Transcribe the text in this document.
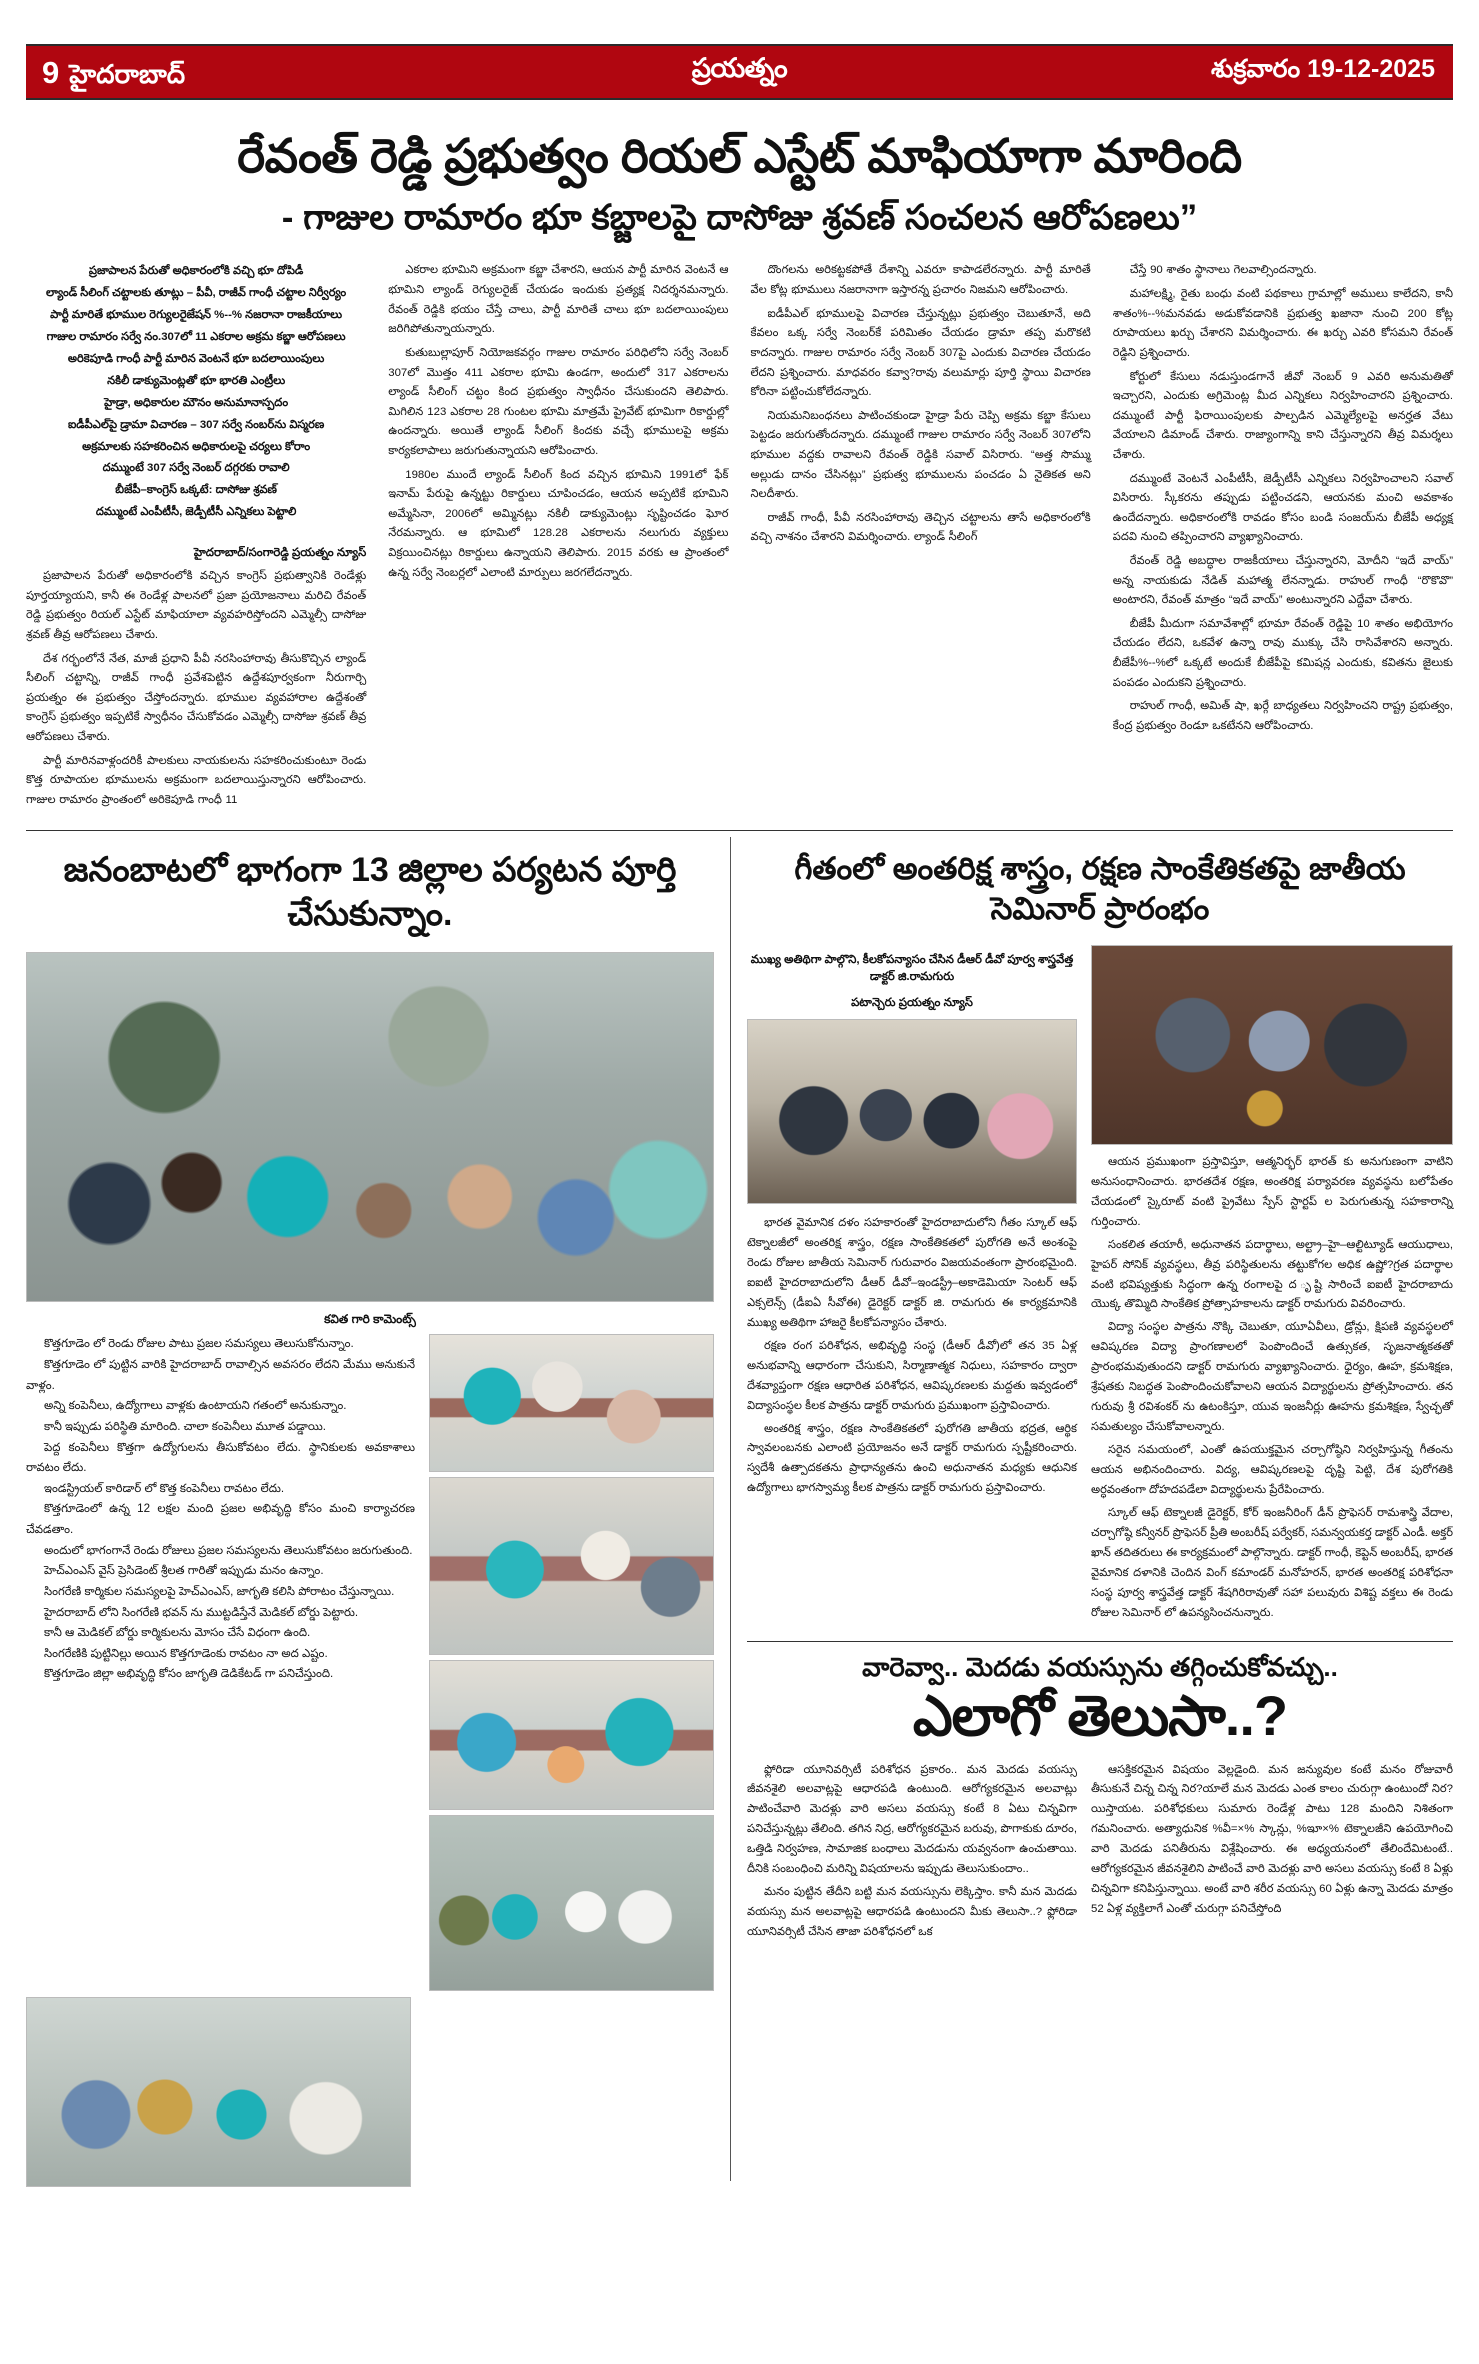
9 హైదరాబాద్	ప్రయత్నం	శుక్రవారం 19-12-2025
రేవంత్ రెడ్డి ప్రభుత్వం రియల్ ఎస్టేట్ మాఫియాగా మారింది
- గాజుల రామారం భూ కబ్జాలపై దాసోజు శ్రవణ్ సంచలన ఆరోపణలు”
ప్రజాపాలన పేరుతో అధికారంలోకి వచ్చి భూ దోపిడీ
ల్యాండ్ సీలింగ్ చట్టాలకు తూట్లు – పీవీ, రాజీవ్ గాంధీ చట్టాల నిర్వీర్యం
పార్టీ మారితే భూముల రెగ్యులరైజేషన్ %--% నజరానా రాజకీయాలు
గాజుల రామారం సర్వే నం.307లో 11 ఎకరాల అక్రమ కబ్జా ఆరోపణలు
అరికెపూడి గాంధీ పార్టీ మారిన వెంటనే భూ బదలాయింపులు
నకిలీ డాక్యుమెంట్లతో భూ భారతి ఎంట్రీలు
హైడ్రా, అధికారుల మౌనం అనుమానాస్పదం
ఐడీపీఎల్‌పై డ్రామా విచారణ – 307 సర్వే నంబర్‌ను విస్మరణ
అక్రమాలకు సహకరించిన అధికారులపై చర్యలు కోరాం
దమ్ముంటే 307 సర్వే నెంబర్ దగ్గరకు రావాలి
బీజేపీ–కాంగ్రెస్ ఒక్కటే: దాసోజు శ్రవణ్
దమ్ముంటే ఎంపీటీసీ, జెడ్పీటీసీ ఎన్నికలు పెట్టాలి
హైదరాబాద్/సంగారెడ్డి ప్రయత్నం న్యూస్

ప్రజాపాలన పేరుతో అధికారంలోకి వచ్చిన కాంగ్రెస్ ప్రభుత్వానికి రెండేళ్లు పూర్తయ్యాయని, కానీ ఈ రెండేళ్ల పాలనలో ప్రజా ప్రయోజనాలు మరిచి రేవంత్ రెడ్డి ప్రభుత్వం రియల్ ఎస్టేట్ మాఫియాలా వ్యవహరిస్తోందని ఎమ్మెల్సీ దాసోజు శ్రవణ్ తీవ్ర ఆరోపణలు చేశారు.

దేశ గర్భంలోనే నేత, మాజీ ప్రధాని పీవీ నరసింహారావు తీసుకొచ్చిన ల్యాండ్ సీలింగ్ చట్టాన్ని, రాజీవ్ గాంధీ ప్రవేశపెట్టిన ఉద్దేశపూర్వకంగా నీరుగార్చి ప్రయత్నం ఈ ప్రభుత్వం చేస్తోందన్నారు. భూముల వ్యవహారాల ఉద్దేశంతో కాంగ్రెస్ ప్రభుత్వం ఇప్పటికే స్వాధీనం చేసుకోవడం ఎమ్మెల్సీ దాసోజు శ్రవణ్ తీవ్ర ఆరోపణలు చేశారు.

పార్టీ మారినవాళ్లందరికీ పాలకులు నాయకులను సహకరించుకుంటూ రెండు కొత్త రూపాయల భూములను అక్రమంగా బదలాయిస్తున్నారని ఆరోపించారు. గాజుల రామారం ప్రాంతంలో అరికెపూడి గాంధీ 11

ఎకరాల భూమిని అక్రమంగా కబ్జా చేశారని, ఆయన పార్టీ మారిన వెంటనే ఆ భూమిని ల్యాండ్ రెగ్యులరైజ్ చేయడం ఇందుకు ప్రత్యక్ష నిదర్శనమన్నారు. రేవంత్ రెడ్డికి భయం చేస్తే చాలు, పార్టీ మారితే చాలు భూ బదలాయింపులు జరిగిపోతున్నాయన్నారు.

కుతుబుల్లాపూర్ నియోజకవర్గం గాజుల రామారం పరిధిలోని సర్వే నెంబర్ 307లో మొత్తం 411 ఎకరాల భూమి ఉండగా, అందులో 317 ఎకరాలను ల్యాండ్ సీలింగ్ చట్టం కింద ప్రభుత్వం స్వాధీనం చేసుకుందని తెలిపారు. మిగిలిన 123 ఎకరాల 28 గుంటల భూమి మాత్రమే ప్రైవేట్ భూమిగా రికార్డుల్లో ఉందన్నారు. అయితే ల్యాండ్ సీలింగ్ కిందకు వచ్చే భూములపై అక్రమ కార్యకలాపాలు జరుగుతున్నాయని ఆరోపించారు.

1980ల ముందే ల్యాండ్ సీలింగ్ కింద వచ్చిన భూమిని 1991లో ఫేక్ ఇనామ్ పేరుపై ఉన్నట్టు రికార్డులు చూపించడం, ఆయన అప్పటికే భూమిని అమ్మేసినా, 2006లో అమ్మినట్లు నకిలీ డాక్యుమెంట్లు సృష్టించడం ఘోర నేరమన్నారు. ఆ భూమిలో 128.28 ఎకరాలను నలుగురు వ్యక్తులు విక్రయించినట్లు రికార్డులు ఉన్నాయని తెలిపారు. 2015 వరకు ఆ ప్రాంతంలో ఉన్న సర్వే నెంబర్లలో ఎలాంటి మార్పులు జరగలేదన్నారు.

దొంగలను అరికట్టకపోతే దేశాన్ని ఎవరూ కాపాడలేరన్నారు. పార్టీ మారితే వేల కోట్ల భూములు నజరానాగా ఇస్తారన్న ప్రచారం నిజమని ఆరోపించారు.

ఐడీపీఎల్ భూములపై విచారణ చేస్తున్నట్లు ప్రభుత్వం చెబుతూనే, అది కేవలం ఒక్క సర్వే నెంబర్‌కే పరిమితం చేయడం డ్రామా తప్ప మరొకటి కాదన్నారు. గాజుల రామారం సర్వే నెంబర్ 307పై ఎందుకు విచారణ చేయడం లేదని ప్రశ్నించారు. మాధవరం కవ్వా?రావు వలుమార్లు పూర్తి స్థాయి విచారణ కోరినా పట్టించుకోలేదన్నారు.

నియమనిబంధనలు పాటించకుండా హైడ్రా పేరు చెప్పి అక్రమ కబ్జా కేసులు పెట్టడం జరుగుతోందన్నారు. దమ్ముంటే గాజుల రామారం సర్వే నెంబర్ 307లోని భూముల వద్దకు రావాలని రేవంత్ రెడ్డికి సవాల్ విసిరారు. “అత్త సొమ్ము అల్లుడు దానం చేసినట్లు” ప్రభుత్వ భూములను పంచడం ఏ నైతికత అని నిలదీశారు.

రాజీవ్ గాంధీ, పీవీ నరసింహారావు తెచ్చిన చట్టాలను తాసే అధికారంలోకి వచ్చి నాశనం చేశారని విమర్శించారు. ల్యాండ్ సీలింగ్

చేస్తే 90 శాతం స్థానాలు గెలవాల్సిందన్నారు.

మహాలక్ష్మి, రైతు బంధు వంటి పథకాలు గ్రామాల్లో అములు కాలేదని, కానీ శాతం%--%మనవడు అడుకోవడానికి ప్రభుత్వ ఖజానా నుంచి 200 కోట్ల రూపాయలు ఖర్చు చేశారని విమర్శించారు. ఈ ఖర్చు ఎవరి కోసమని రేవంత్ రెడ్డిని ప్రశ్నించారు.

కోర్టులో కేసులు నడుస్తుండగానే జీవో నెంబర్ 9 ఎవరి అనుమతితో ఇచ్చారని, ఎందుకు అగ్రిమెంట్ల మీద ఎన్నికలు నిర్వహించారని ప్రశ్నించారు. దమ్ముంటే పార్టీ ఫిరాయింపులకు పాల్పడిన ఎమ్మెల్యేలపై అనర్హత వేటు వేయాలని డిమాండ్ చేశారు. రాజ్యాంగాన్ని కాని చేస్తున్నారని తీవ్ర విమర్శలు చేశారు.

దమ్ముంటే వెంటనే ఎంపీటీసీ, జెడ్పీటీసీ ఎన్నికలు నిర్వహించాలని సవాల్ విసిరారు. స్కీకరను తప్పుడు పట్టించడని, ఆయనకు మంచి అవకాశం ఉందేదన్నారు. అధికారంలోకి రావడం కోసం బండి సంజయ్‌ను బీజేపీ అధ్యక్ష పదవి నుంచి తప్పించారని వ్యాఖ్యానించారు.

రేవంత్ రెడ్డి అబద్ధాల రాజకీయాలు చేస్తున్నారని, మోదీని “ఇదే వాయ్” అన్న నాయకుడు నేడిత్ మహాత్మ లేనన్నాడు. రాహుల్ గాంధీ “రొకొవొ” అంటారని, రేవంత్ మాత్రం “ఇదే వాయ్” అంటున్నారని ఎద్దేవా చేశారు.

బీజేపీ మీదుగా సమావేశాల్లో భూమా రేవంత్ రెడ్డిపై 10 శాతం అభియోగం చేయడం లేదని, ఒకవేళ ఉన్నా రావు ముక్కు చేసి రాసివేశారని అన్నారు. బీజేపీ%--%లో ఒక్కటే అందుకే బీజేపీపై కమిషన్ల ఎందుకు, కవితను జైలుకు పంపడం ఎందుకని ప్రశ్నించారు.

రాహుల్ గాంధీ, అమిత్ షా, ఖర్గే బాధ్యతలు నిర్వహించని రాష్ట్ర ప్రభుత్వం, కేంద్ర ప్రభుత్వం రెండూ ఒకటేనని ఆరోపించారు.

జనంబాటలో భాగంగా 13 జిల్లాల పర్యటన పూర్తి చేసుకున్నాం.
కవిత గారి కామెంట్స్

కొత్తగూడెం లో రెండు రోజుల పాటు ప్రజల సమస్యలు తెలుసుకోనున్నాం.

కొత్తగూడెం లో పుట్టిన వారికి హైదరాబాద్ రావాల్సిన అవసరం లేదని మేము అనుకునే వాళ్లం.

అన్ని కంపెనీలు, ఉద్యోగాలు వాళ్లకు ఉంటాయని గతంలో అనుకున్నాం.

కానీ ఇప్పుడు పరిస్థితి మారింది. చాలా కంపెనీలు మూత పడ్డాయి.

పెద్ద కంపెనీలు కొత్తగా ఉద్యోగులను తీసుకోవటం లేదు. స్థానికులకు అవకాశాలు రావటం లేదు.

ఇండస్ట్రియల్ కారిడార్ లో కొత్త కంపెనీలు రావటం లేదు.

కొత్తగూడెంలో ఉన్న 12 లక్షల మంది ప్రజల అభివృద్ధి కోసం మంచి కార్యాచరణ చేవడతాం.

అందులో భాగంగానే రెండు రోజులు ప్రజల సమస్యలను తెలుసుకోవటం జరుగుతుంది.

హెచ్ఎంఎస్ వైస్ ప్రెసిడెంట్ శ్రీలత గారితో ఇప్పుడు మనం ఉన్నాం.

సింగరేణి కార్మికుల సమస్యలపై హెచ్ఎంఎస్, జాగృతి కలిసి పోరాటం చేస్తున్నాయి.

హైదరాబాద్ లోని సింగరేణి భవన్ ను ముట్టడిస్తేనే మెడికల్ బోర్డు పెట్టారు.

కానీ ఆ మెడికల్ బోర్డు కార్మికులను మోసం చేసే విధంగా ఉంది.

సింగరేణికి పుట్టినిల్లు అయిన కొత్తగూడెంకు రావటం నా అద ఎష్టం.

కొత్తగూడెం జిల్లా అభివృద్ధి కోసం జాగృతి డెడికేటడ్ గా పనిచేస్తుంది.

గీతంలో అంతరిక్ష శాస్త్రం, రక్షణ సాంకేతికతపై జాతీయ సెమినార్ ప్రారంభం
ముఖ్య అతిథిగా పాల్గొని, కీలకోపన్యాసం చేసిన డీఆర్ డీవో పూర్వ శాస్త్రవేత్త డాక్టర్ జి.రామగురు
పటాన్చెరు ప్రయత్నం న్యూస్

భారత వైమానిక దళం సహకారంతో హైదరాబాదులోని గీతం స్కూల్ ఆఫ్ టెక్నాలజీలో అంతరిక్ష శాస్త్రం, రక్షణ సాంకేతికతలో పురోగతి అనే అంశంపై రెండు రోజుల జాతీయ సెమినార్ గురువారం విజయవంతంగా ప్రారంభమైంది. ఐఐటీ హైదరాబాదులోని డీఆర్ డీవో–ఇండస్ట్రీ–అకాడెమియా సెంటర్ ఆఫ్ ఎక్సలెన్స్ (డీఐఏ సీవోఈ) డైరెక్టర్ డాక్టర్ జి. రామగురు ఈ కార్యక్రమానికి ముఖ్య అతిథిగా హాజరై కీలకోపన్యాసం చేశారు.

రక్షణ రంగ పరిశోధన, అభివృద్ధి సంస్థ (డీఆర్ డీవో)లో తన 35 ఏళ్ల అనుభవాన్ని ఆధారంగా చేసుకుని, సిర్మాణాత్మక నిధులు, సహకారం ద్వారా దేశవ్యాప్తంగా రక్షణ ఆధారిత పరిశోధన, ఆవిష్కరణలకు మద్దతు ఇవ్వడంలో విద్యాసంస్థల కీలక పాత్రను డాక్టర్ రామగురు ప్రముఖంగా ప్రస్తావించారు.

అంతరిక్ష శాస్త్రం, రక్షణ సాంకేతికతలో పురోగతి జాతీయ భద్రత, ఆర్థిక స్వావలంబనకు ఎలాంటి ప్రయోజనం అనే డాక్టర్ రామగురు స్పష్టీకరించారు. స్వదేశీ ఉత్పాదకతను ప్రాధాన్యతను ఉంచి అధునాతన మధ్యకు ఆధునిక ఉద్యోగాలు భాగస్వామ్య కీలక పాత్రను డాక్టర్ రామగురు ప్రస్తావించారు.

ఆయన ప్రముఖంగా ప్రస్తావిస్తూ, ఆత్మనిర్భర్ భారత్ కు అనుగుణంగా వాటిని అనుసంధానించారు. భారతదేశ రక్షణ, అంతరిక్ష పర్యావరణ వ్యవస్థను బలోపేతం చేయడంలో స్కైరూట్ వంటి ప్రైవేటు స్పేస్ స్టార్టప్ ల పెరుగుతున్న సహకారాన్ని గుర్తించారు.

సంకలిత తయారీ, అధునాతన పదార్థాలు, అల్ట్రా–హై–ఆల్టిట్యూడ్ ఆయుధాలు, హైపర్ సోనిక్ వ్యవస్థలు, తీవ్ర పరిస్థితులను తట్టుకోగల అధిక ఉష్ణో?గ్రత పదార్థాల వంటి భవిష్యత్తుకు సిద్ధంగా ఉన్న రంగాలపై ద ృష్టి సారించే ఐఐటీ హైదరాబాదు యొక్క తొమ్మిది సాంకేతిక ప్రోత్సాహకాలను డాక్టర్ రామగురు వివరించారు.

విద్యా సంస్థల పాత్రను నొక్కి చెబుతూ, యూఏవీలు, డ్రోన్లు, క్షిపణి వ్యవస్థలలో ఆవిష్కరణ విద్యా ప్రాంగణాలలో పెంపొందించే ఉత్సుకత, సృజనాత్మకతతో ప్రారంభమవుతుందని డాక్టర్ రామగురు వ్యాఖ్యానించారు. ధైర్యం, ఊహ, క్రమశిక్షణ, శ్రేషతకు నిబద్ధత పెంపొందించుకోవాలని ఆయన విద్యార్థులను ప్రోత్సహించారు. తన గురువు శ్రీ రవిశంకర్ ను ఉటంకిస్తూ, యువ ఇంజనీర్లు ఊహను క్రమశిక్షణ, స్వేచ్ఛతో సమతుల్యం చేసుకోవాలన్నారు.

సరైన సమయంలో, ఎంతో ఉపయుక్తమైన చర్చాగోష్ఠిని నిర్వహిస్తున్న గీతంను ఆయన అభినందించారు. విద్య, ఆవిష్కరణలపై దృష్టి పెట్టి, దేశ పురోగతికి అర్ధవంతంగా దోహదపడేలా విద్యార్థులను ప్రేరేపించారు.

స్కూల్ ఆఫ్ టెక్నాలజీ డైరెక్టర్, కోర్ ఇంజనీరింగ్ డీన్ ప్రొఫెసర్ రామశాస్త్రి వేదాల, చర్చాగోష్ఠి కన్వీనర్ ప్రొఫెసర్ ప్రీతి అంబరీష్ పర్వేకర్, సమన్వయకర్త డాక్టర్ ఎండీ. అక్తర్ ఖాన్ తదితరులు ఈ కార్యక్రమంలో పాల్గొన్నారు. డాక్టర్ గాంధీ, కెప్టెన్ అంబరీష్, భారత వైమానిక దళానికి చెందిన వింగ్ కమాండర్ మనోహరన్, భారత అంతరిక్ష పరిశోధనా సంస్థ పూర్వ శాస్త్రవేత్త డాక్టర్ శేషగిరిరావుతో సహా పలువురు విశిష్ట వక్తలు ఈ రెండు రోజుల సెమినార్ లో ఉపన్యసించనున్నారు.

వారెవ్వా.. మెదడు వయస్సును తగ్గించుకోవచ్చు..
ఎలాగో తెలుసా..?

ఫ్లోరిడా యూనివర్సిటీ పరిశోధన ప్రకారం.. మన మెదడు వయస్సు జీవనశైలి అలవాట్లపై ఆధారపడి ఉంటుంది. ఆరోగ్యకరమైన అలవాట్లు పాటించేవారి మెదళ్లు వారి అసలు వయస్సు కంటే 8 ఏటు చిన్నవిగా పనిచేస్తున్నట్లు తేలింది. తగిన నిద్ర, ఆరోగ్యకరమైన బరువు, పొగాకుకు దూరం, ఒత్తిడి నిర్వహణ, సామాజిక బంధాలు మెదడును యవ్వనంగా ఉంచుతాయి. దీనికి సంబంధించి మరిన్ని విషయాలను ఇప్పుడు తెలుసుకుందాం..

మనం పుట్టిన తేదీని బట్టి మన వయస్సును లెక్కిస్తాం. కానీ మన మెదడు వయస్సు మన అలవాట్లపై ఆధారపడి ఉంటుందని మీకు తెలుసా..? ఫ్లోరిడా యూనివర్సిటీ చేసిన తాజా పరిశోధనలో ఒక

ఆసక్తికరమైన విషయం వెల్లడైంది. మన జన్యువుల కంటే మనం రోజువారీ తీసుకునే చిన్న చిన్న నిర?యాలే మన మెదడు ఎంత కాలం చురుగ్గా ఉంటుందో నిర?యిస్తాయట. పరిశోధకులు సుమారు రెండేళ్ల పాటు 128 మందిని నిశితంగా గమనించారు. అత్యాధునిక %వీ=×% స్కాన్లు, %ఇూ×% టెక్నాలజీని ఉపయోగించి వారి మెదడు పనితీరును విశ్లేషించారు. ఈ అధ్యయనంలో తేలిందేమిటంటే.. ఆరోగ్యకరమైన జీవనశైలిని పాటించే వారి మెదళ్లు వారి అసలు వయస్సు కంటే 8 ఏళ్లు చిన్నవిగా కనిపిస్తున్నాయి. అంటే వారి శరీర వయస్సు 60 ఏళ్లు ఉన్నా మెదడు మాత్రం 52 ఏళ్ల వ్యక్తిలాగే ఎంతో చురుగ్గా పనిచేస్తోంది
